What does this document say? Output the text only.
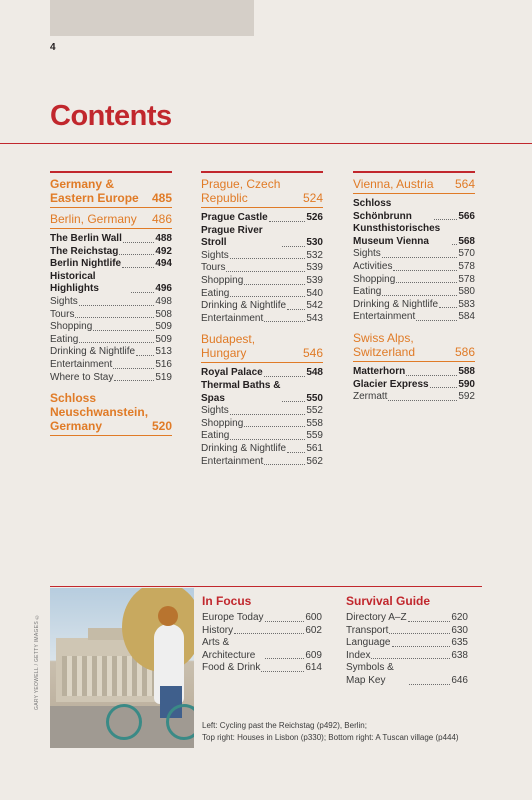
4
Contents
Germany & Eastern Europe	485
Berlin, Germany 486
The Berlin Wall	488
The Reichstag	492
Berlin Nightlife	494
Historical Highlights	496
Sights	498
Tours	508
Shopping	509
Eating	509
Drinking & Nightlife 513
Entertainment	516
Where to Stay	519
Schloss Neuschwanstein, Germany	520
Prague, Czech Republic	524
Prague Castle	526
Prague River Stroll	530
Sights	532
Tours	539
Shopping	539
Eating	540
Drinking & Nightlife 542
Entertainment	543
Budapest, Hungary	546
Royal Palace	548
Thermal Baths & Spas	550
Sights	552
Shopping	558
Eating	559
Drinking & Nightlife 561
Entertainment	562
Vienna, Austria 564
Schloss Schönbrunn	566
Kunsthistorisches Museum Vienna	568
Sights	570
Activities	578
Shopping	578
Eating	580
Drinking & Nightlife 583
Entertainment	584
Swiss Alps, Switzerland	586
Matterhorn	588
Glacier Express	590
Zermatt	592
GARY YEOWELL / GETTY IMAGES ©
In Focus
Europe Today	600
History	602
Arts & Architecture	609
Food & Drink	614
Survival Guide
Directory A–Z	620
Transport	630
Language	635
Index	638
Symbols & Map Key	646
Left: Cycling past the Reichstag (p492), Berlin;
Top right: Houses in Lisbon (p330); Bottom right: A Tuscan village (p444)
